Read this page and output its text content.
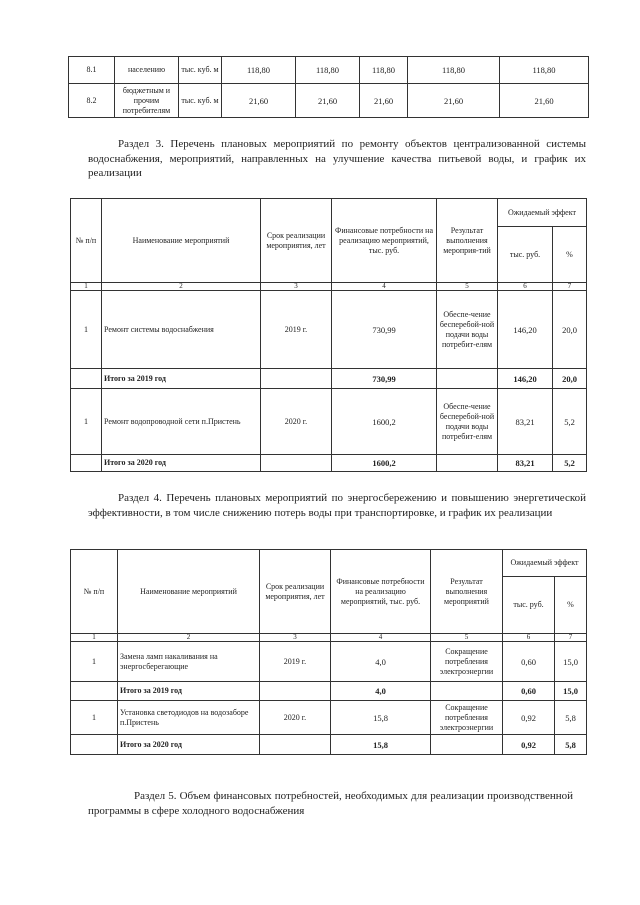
8.1	населению	тыс. куб. м	118,80	118,80	118,80	118,80	118,80
8.2	бюджетным и прочим потребителям	тыс. куб. м	21,60	21,60	21,60	21,60	21,60
Раздел 3. Перечень плановых мероприятий по ремонту объектов централизованной системы водоснабжения, мероприятий, направленных на улучшение качества питьевой воды, и график их реализации
№ п/п	Наименование мероприятий	Срок реализации мероприятия, лет	Финансовые потребности на реализацию мероприятий, тыс. руб.	Результат выполнения мероприя-тий	Ожидаемый эффект	
					тыс. руб.	%
1	2	3	4	5	6	7
1	Ремонт системы водоснабжения	2019 г.	730,99	Обеспе-чение бесперебой-ной подачи воды потребит-елям	146,20	20,0
	Итого за 2019 год		730,99		146,20	20,0
1	Ремонт водопроводной сети п.Пристень	2020 г.	1600,2	Обеспе-чение бесперебой-ной подачи воды потребит-елям	83,21	5,2
	Итого за 2020 год		1600,2		83,21	5,2
Раздел 4. Перечень плановых мероприятий по энергосбережению и повышению энергетической эффективности, в том числе снижению потерь воды при транспортировке, и график их реализации
№ п/п	Наименование мероприятий	Срок реализации мероприятия, лет	Финансовые потребности на реализацию мероприятий, тыс. руб.	Результат выполнения мероприятий	Ожидаемый эффект	
					тыс. руб.	%
1	2	3	4	5	6	7
1	Замена ламп накаливания на энергосберегающие	2019 г.	4,0	Сокращение потребления электроэнергии	0,60	15,0
	Итого за 2019 год		4,0		0,60	15,0
1	Установка светодиодов на водозаборе п.Пристень	2020 г.	15,8	Сокращение потребления электроэнергии	0,92	5,8
	Итого за 2020 год		15,8		0,92	5,8
Раздел 5. Объем финансовых потребностей, необходимых для реализации производственной программы в сфере холодного водоснабжения
